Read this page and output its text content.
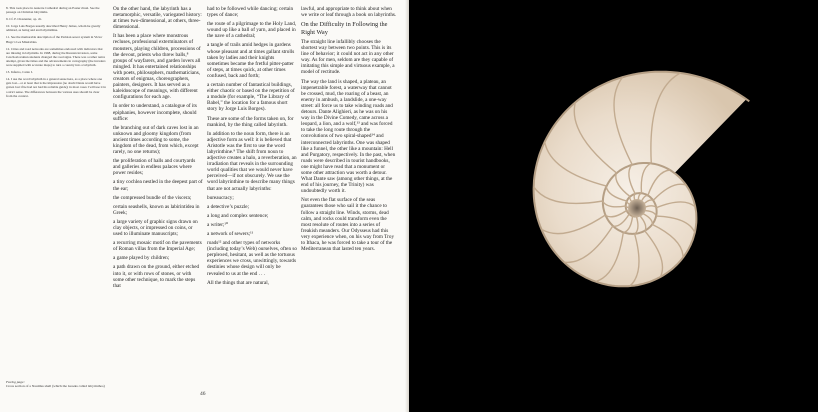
8. This took place in Auxerre Cathedral during an Easter ritual. See the passage on Christian labyrinths.

9. Cf. P. Chastenier, op. cit.

10. Jorge Luis Borges usually described Henry James, whom he greatly admired, as being and and labyrinthine.

11. See the memorable description of the Parisian sewer system in Victor Hugo’s Les Misérables.

12. Cities and road networks are sometimes endowed with indicators that are missing in labyrinths. In 1968, during the Russian invasion, some Czechoslovakian students changed the road signs. There was a rather naive attempt, given the times and the advancements in cartography (the invaders were supplied with accurate maps) to turn a country into a labyrinth.

13. Inferno, Canto I.

14. I use the word labyrinth in a general sense here, as a place where one gets lost—or at least that is the impression (no doubt Dante would have gotten lost if he had not had his reliable guide); in most cases I will use it in a strict sense. The differences between the various uses should be clear from the context.

Facing page:
Cross section of a Nautilus shell (which the Greeks called labyrinthos)

On the other hand, the labyrinth has a metamorphic, versatile, variegated history: at times two-dimensional, at others, three-dimensional.

It has been a place where monstrous recluses, professional exterminators of monsters, playing children, processions of the devout, priests who threw balls,⁸ groups of wayfarers, and garden lovers all mingled. It has entertained relationships with poets, philosophers, mathematicians, creators of enigmas, choreographers, painters, designers. It has served as a kaleidoscope of meanings, with different configurations for each age.

In order to understand, a catalogue of its epiphanies, however incomplete, should suffice:

the branching out of dark caves lost in an unknown and gloomy kingdom (from ancient times according to some, the kingdom of the dead, from which, except rarely, no one returns);

the proliferation of halls and courtyards and galleries in endless palaces where power resides;

a tiny cochlea nestled in the deepest part of the ear;

the compressed bundle of the viscera;

certain seashells, known as labirintidea in Greek;

a large variety of graphic signs drawn on clay objects, or impressed on coins, or used to illuminate manuscripts;

a recurring mosaic motif on the pavements of Roman villas from the Imperial Age;

a game played by children;

a path drawn on the ground, either etched into it, or with rows of stones, or with some other technique, to mark the steps that

had to be followed while dancing; certain types of dance;

the route of a pilgrimage to the Holy Land, wound up like a ball of yarn, and placed in the nave of a cathedral;

a tangle of trails amid hedges in gardens whose pleasant and at times gallant strolls taken by ladies and their knights sometimes became the fretful pitter-patter of steps, at times quick, at other times confused, back and forth;

a certain number of fantastical buildings, either chaotic or based on the repetition of a module (for example, “The Library of Babel,” the location for a famous short story by Jorge Luis Borges).

These are some of the forms taken on, for mankind, by the thing called labyrinth.

In addition to the noun form, there is an adjective form as well: it is believed that Aristotle was the first to use the word labyrinthine.⁹ The shift from noun to adjective creates a halo, a reverberation, an irradiation that reveals in the surrounding world qualities that we would never have perceived—if not obscurely. We use the word labyrinthine to describe many things that are not actually labyrinths:

bureaucracy;

a detective’s puzzle;

a long and complex sentence;

a writer;¹⁰

a network of sewers;¹¹

roads¹² and other types of networks (including today’s Web) ourselves, often so perplexed, hesitant, as well as the tortuous experiences we cross, unwittingly, towards destinies whose design will only be revealed to us at the end . . .

All the things that are natural,

lawful, and appropriate to think about when we write or leaf through a book on labyrinths.

On the Difficulty in Following the Right Way

The straight line infallibly chooses the shortest way between two points. This is its line of behavior; it could not act in any other way. As for men, seldom are they capable of imitating this simple and virtuous example, a model of rectitude.

The way the land is shaped, a plateau, an impenetrable forest, a waterway that cannot be crossed, mud, the roaring of a beast, an enemy in ambush, a landslide, a one-way street: all force us to take winding roads and detours. Dante Alighieri, as he was on his way in the Divine Comedy, came across a leopard, a lion, and a wolf,¹³ and was forced to take the long route through the convolutions of two spiral-shaped¹⁴ and interconnected labyrinths. One was shaped like a funnel, the other like a mountain: Hell and Purgatory, respectively. In the past, when roads were described in tourist handbooks, one might have read that a monument or some other attraction was worth a detour. What Dante saw (among other things, at the end of his journey, the Trinity) was undoubtedly worth it.

Not even the flat surface of the seas guarantees those who sail it the chance to follow a straight line. Winds, storms, dead calm, and rocks could transform even the most resolute of routes into a series of freakish meanders. Our Odysseus had this very experience when, on his way from Troy to Ithaca, he was forced to take a tour of the Mediterranean that lasted ten years.

46
